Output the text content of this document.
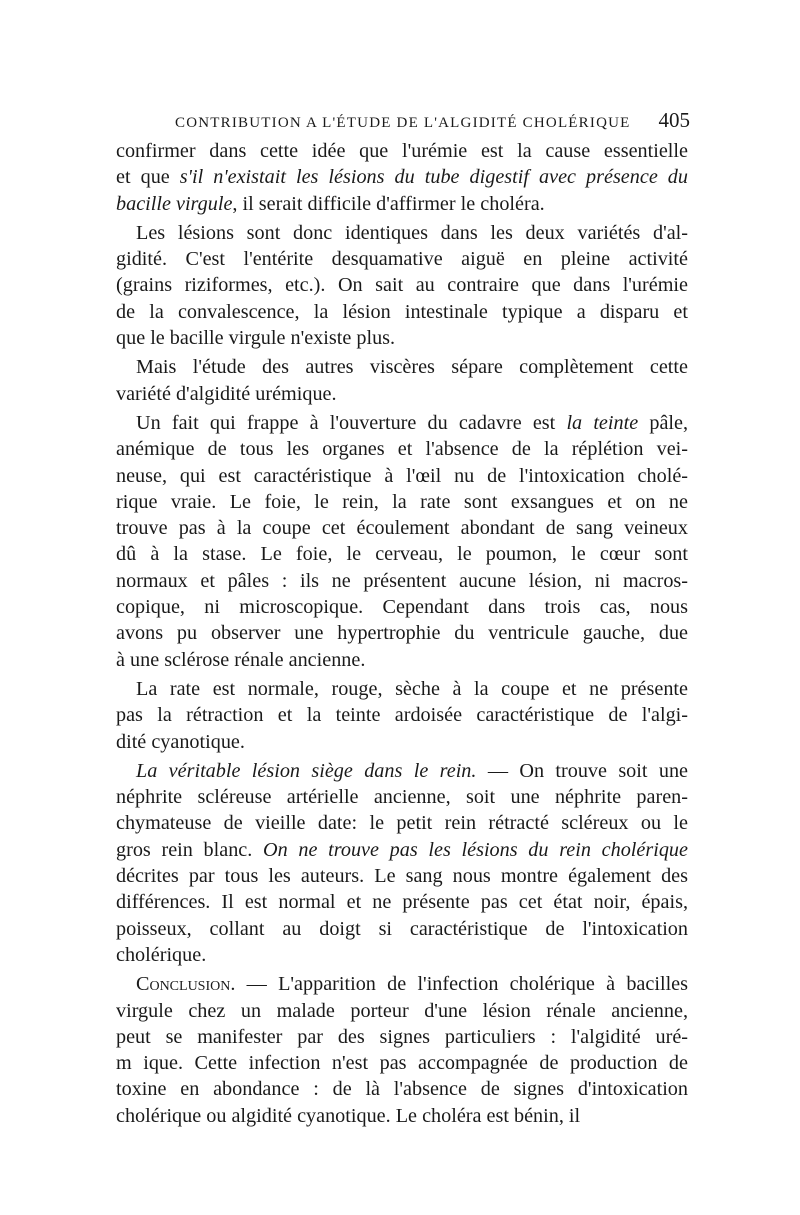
CONTRIBUTION A L'ÉTUDE DE L'ALGIDITÉ CHOLÉRIQUE 405

confirmer dans cette idée que l'urémie est la cause essentielle
et que s'il n'existait les lésions du tube digestif avec présence du
bacille virgule, il serait difficile d'affirmer le choléra.

Les lésions sont donc identiques dans les deux variétés d'al-
gidité. C'est l'entérite desquamative aiguë en pleine activité
(grains riziformes, etc.). On sait au contraire que dans l'urémie
de la convalescence, la lésion intestinale typique a disparu et
que le bacille virgule n'existe plus.

Mais l'étude des autres viscères sépare complètement cette
variété d'algidité urémique.

Un fait qui frappe à l'ouverture du cadavre est la teinte pâle,
anémique de tous les organes et l'absence de la réplétion vei-
neuse, qui est caractéristique à l'œil nu de l'intoxication cholé-
rique vraie. Le foie, le rein, la rate sont exsangues et on ne
trouve pas à la coupe cet écoulement abondant de sang veineux
dû à la stase. Le foie, le cerveau, le poumon, le cœur sont
normaux et pâles : ils ne présentent aucune lésion, ni macros-
copique, ni microscopique. Cependant dans trois cas, nous
avons pu observer une hypertrophie du ventricule gauche, due
à une sclérose rénale ancienne.

La rate est normale, rouge, sèche à la coupe et ne présente
pas la rétraction et la teinte ardoisée caractéristique de l'algi-
dité cyanotique.

La véritable lésion siège dans le rein. — On trouve soit une
néphrite scléreuse artérielle ancienne, soit une néphrite paren-
chymateuse de vieille date: le petit rein rétracté scléreux ou le
gros rein blanc. On ne trouve pas les lésions du rein cholérique
décrites par tous les auteurs. Le sang nous montre également des
différences. Il est normal et ne présente pas cet état noir, épais,
poisseux, collant au doigt si caractéristique de l'intoxication
cholérique.

Conclusion. — L'apparition de l'infection cholérique à bacilles
virgule chez un malade porteur d'une lésion rénale ancienne,
peut se manifester par des signes particuliers : l'algidité uré-
m ique. Cette infection n'est pas accompagnée de production de
toxine en abondance : de là l'absence de signes d'intoxication
cholérique ou algidité cyanotique. Le choléra est bénin, il
